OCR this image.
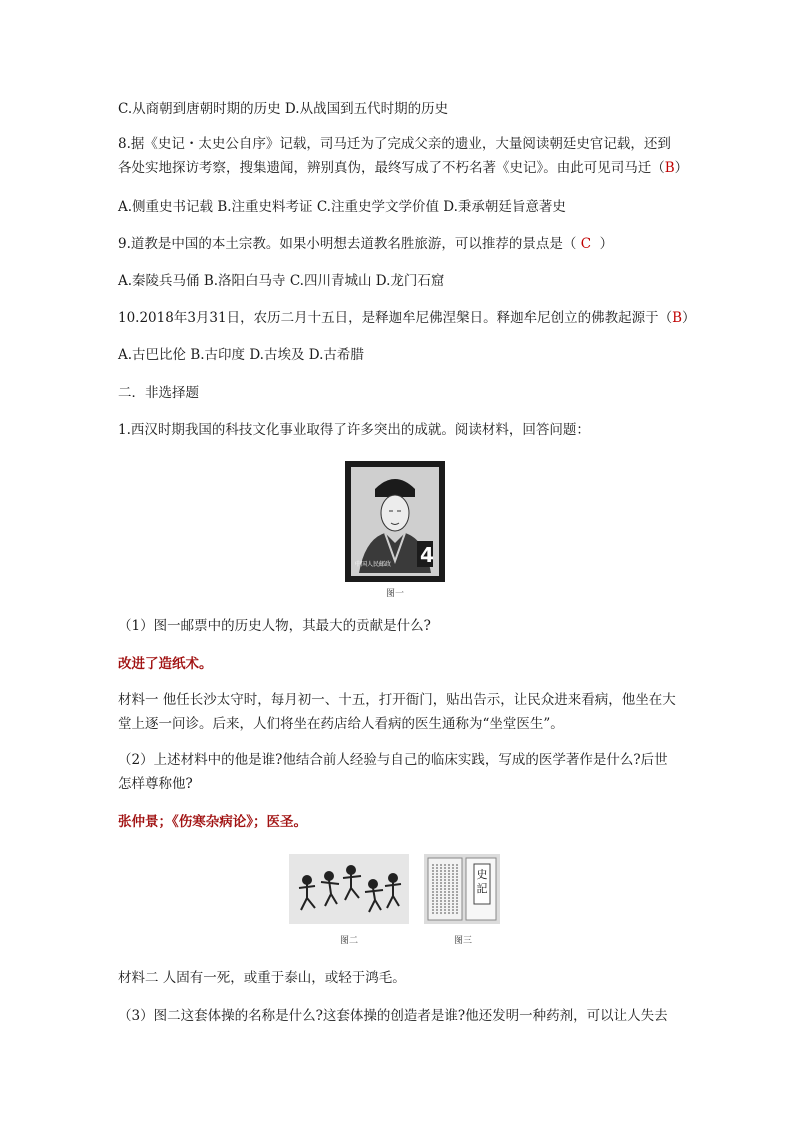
C.从商朝到唐朝时期的历史 D.从战国到五代时期的历史
8.据《史记・太史公自序》记载，司马迁为了完成父亲的遗业，大量阅读朝廷史官记载，还到
各处实地探访考察，搜集遗闻，辨别真伪，最终写成了不朽名著《史记》。由此可见司马迁（B）
A.侧重史书记载 B.注重史料考证 C.注重史学文学价值 D.秉承朝廷旨意著史
9.道教是中国的本土宗教。如果小明想去道教名胜旅游，可以推荐的景点是（ C ）
A.秦陵兵马俑 B.洛阳白马寺 C.四川青城山 D.龙门石窟
10.2018年3月31日，农历二月十五日，是释迦牟尼佛涅槃日。释迦牟尼创立的佛教起源于（B）
A.古巴比伦 B.古印度 D.古埃及 D.古希腊
二．非选择题
1.西汉时期我国的科技文化事业取得了许多突出的成就。阅读材料，回答问题：
中国人民邮政 4
图一
（1）图一邮票中的历史人物，其最大的贡献是什么?
改进了造纸术。
材料一 他任长沙太守时，每月初一、十五，打开衙门，贴出告示，让民众进来看病，他坐在大
堂上逐一问诊。后来，人们将坐在药店给人看病的医生通称为“坐堂医生”。
（2）上述材料中的他是谁?他结合前人经验与自己的临床实践，写成的医学著作是什么?后世
怎样尊称他?
张仲景；《伤寒杂病论》；医圣。
图二
史記
图三
材料二 人固有一死，或重于泰山，或轻于鸿毛。
（3）图二这套体操的名称是什么?这套体操的创造者是谁?他还发明一种药剂，可以让人失去
